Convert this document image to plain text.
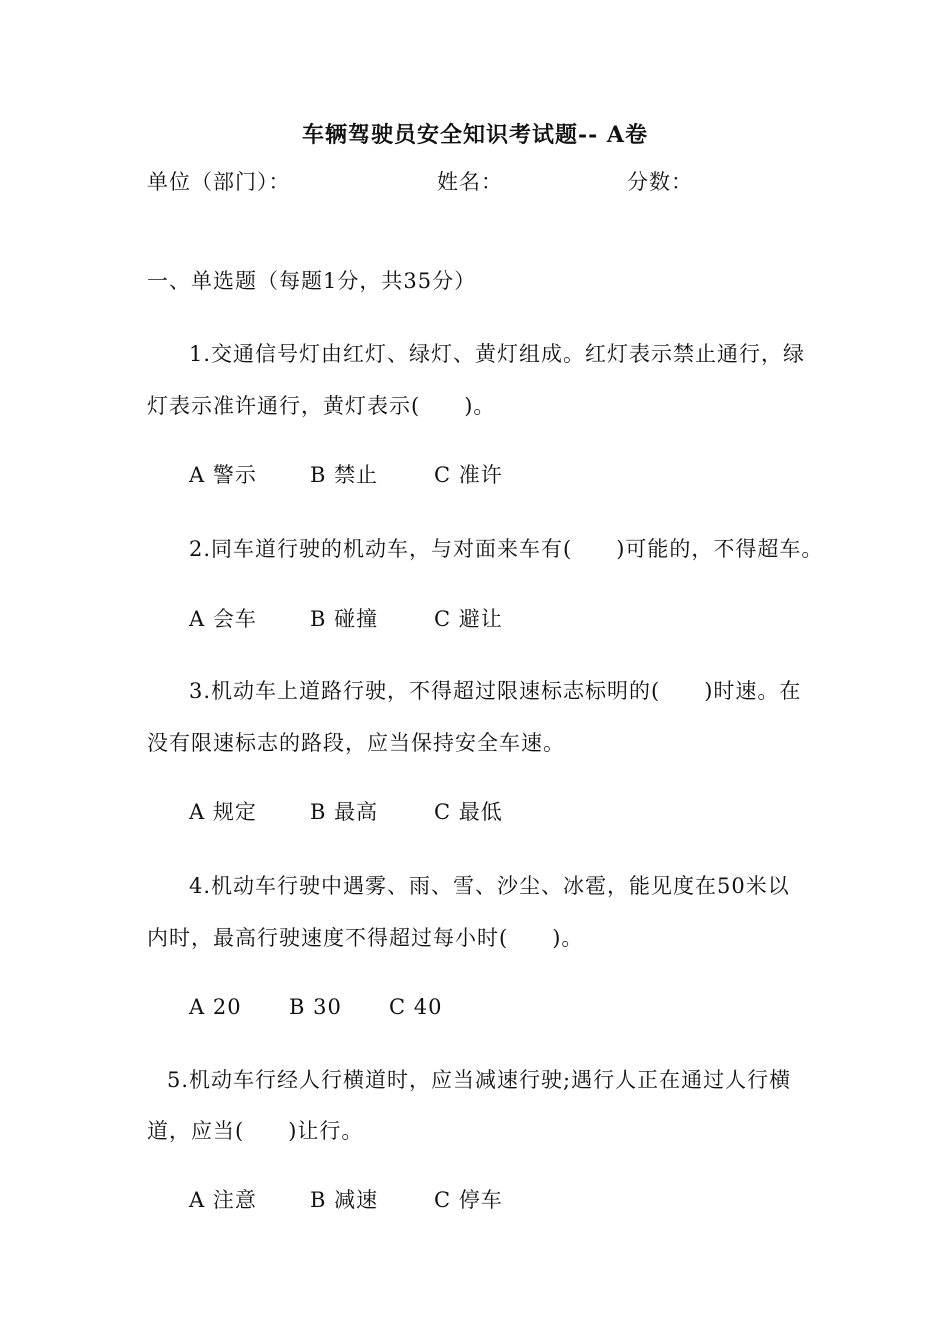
车辆驾驶员安全知识考试题-- A卷
单位（部门）：	姓名：	分数：
一、单选题（每题1分，共35分）
1.交通信号灯由红灯、绿灯、黄灯组成。红灯表示禁止通行，绿
灯表示准许通行，黄灯表示(　　)。
A 警示	B 禁止	C 准许
2.同车道行驶的机动车，与对面来车有(　　)可能的，不得超车。
A 会车	B 碰撞	C 避让
3.机动车上道路行驶，不得超过限速标志标明的(　　)时速。在
没有限速标志的路段，应当保持安全车速。
A 规定	B 最高	C 最低
4.机动车行驶中遇雾、雨、雪、沙尘、冰雹，能见度在50米以
内时，最高行驶速度不得超过每小时(　　)。
A 20 B 30 C 40
5.机动车行经人行横道时，应当减速行驶;遇行人正在通过人行横
道，应当(　　)让行。
A 注意	B 减速	C 停车
